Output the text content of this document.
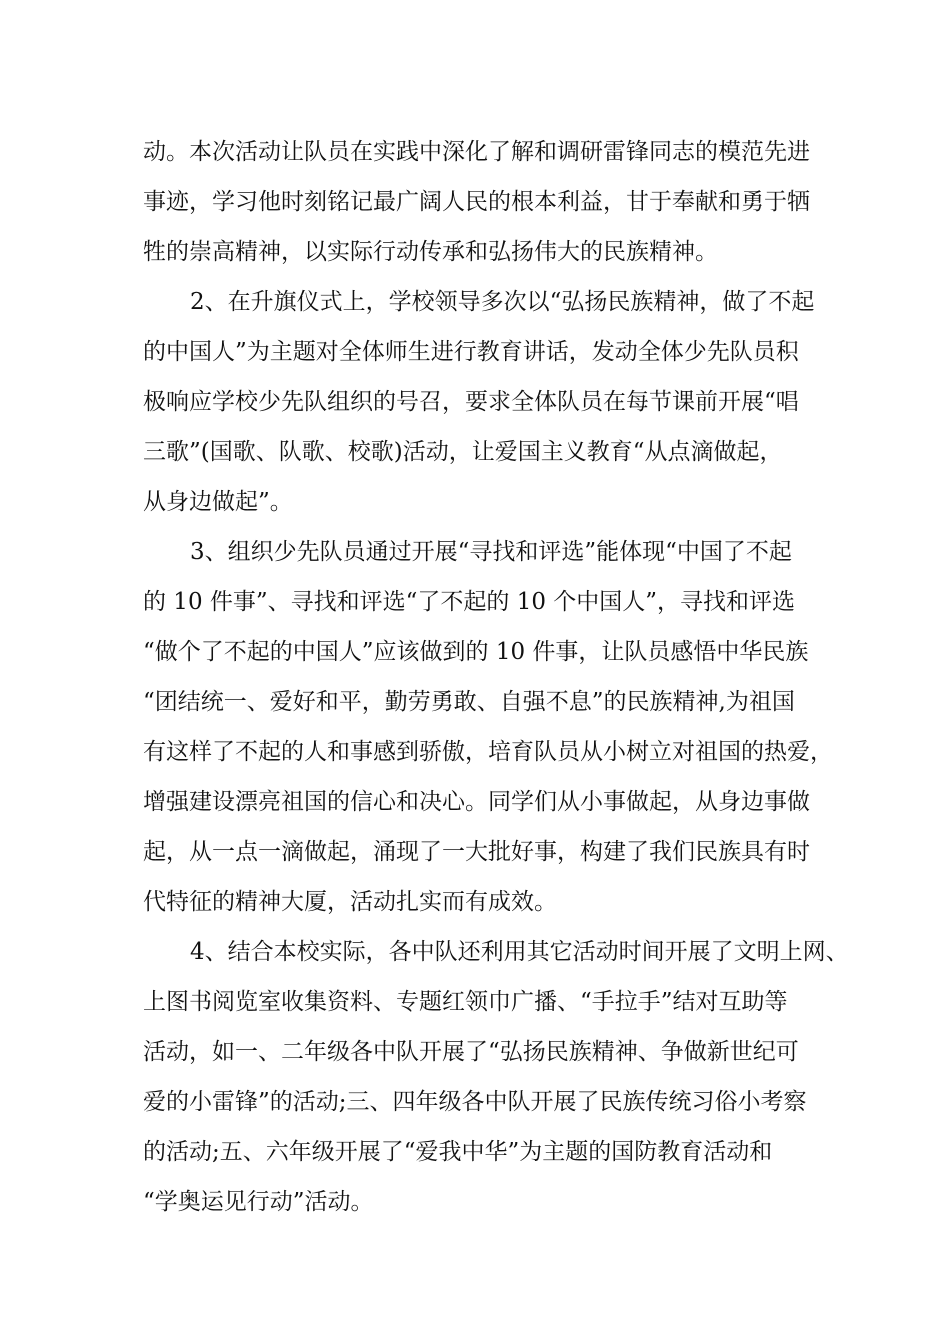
动。本次活动让队员在实践中深化了解和调研雷锋同志的模范先进
事迹，学习他时刻铭记最广阔人民的根本利益，甘于奉献和勇于牺
牲的崇高精神，以实际行动传承和弘扬伟大的民族精神。
2、在升旗仪式上，学校领导多次以“弘扬民族精神，做了不起
的中国人”为主题对全体师生进行教育讲话，发动全体少先队员积
极响应学校少先队组织的号召，要求全体队员在每节课前开展“唱
三歌”(国歌、队歌、校歌)活动，让爱国主义教育“从点滴做起，
从身边做起”。
3、组织少先队员通过开展“寻找和评选”能体现“中国了不起
的 10 件事”、寻找和评选“了不起的 10 个中国人”，寻找和评选
“做个了不起的中国人”应该做到的 10 件事，让队员感悟中华民族
“团结统一、爱好和平，勤劳勇敢、自强不息”的民族精神,为祖国
有这样了不起的人和事感到骄傲，培育队员从小树立对祖国的热爱，
增强建设漂亮祖国的信心和决心。同学们从小事做起，从身边事做
起，从一点一滴做起，涌现了一大批好事，构建了我们民族具有时
代特征的精神大厦，活动扎实而有成效。
4、结合本校实际，各中队还利用其它活动时间开展了文明上网、
上图书阅览室收集资料、专题红领巾广播、“手拉手”结对互助等
活动，如一、二年级各中队开展了“弘扬民族精神、争做新世纪可
爱的小雷锋”的活动;三、四年级各中队开展了民族传统习俗小考察
的活动;五、六年级开展了“爱我中华”为主题的国防教育活动和
“学奥运见行动”活动。
